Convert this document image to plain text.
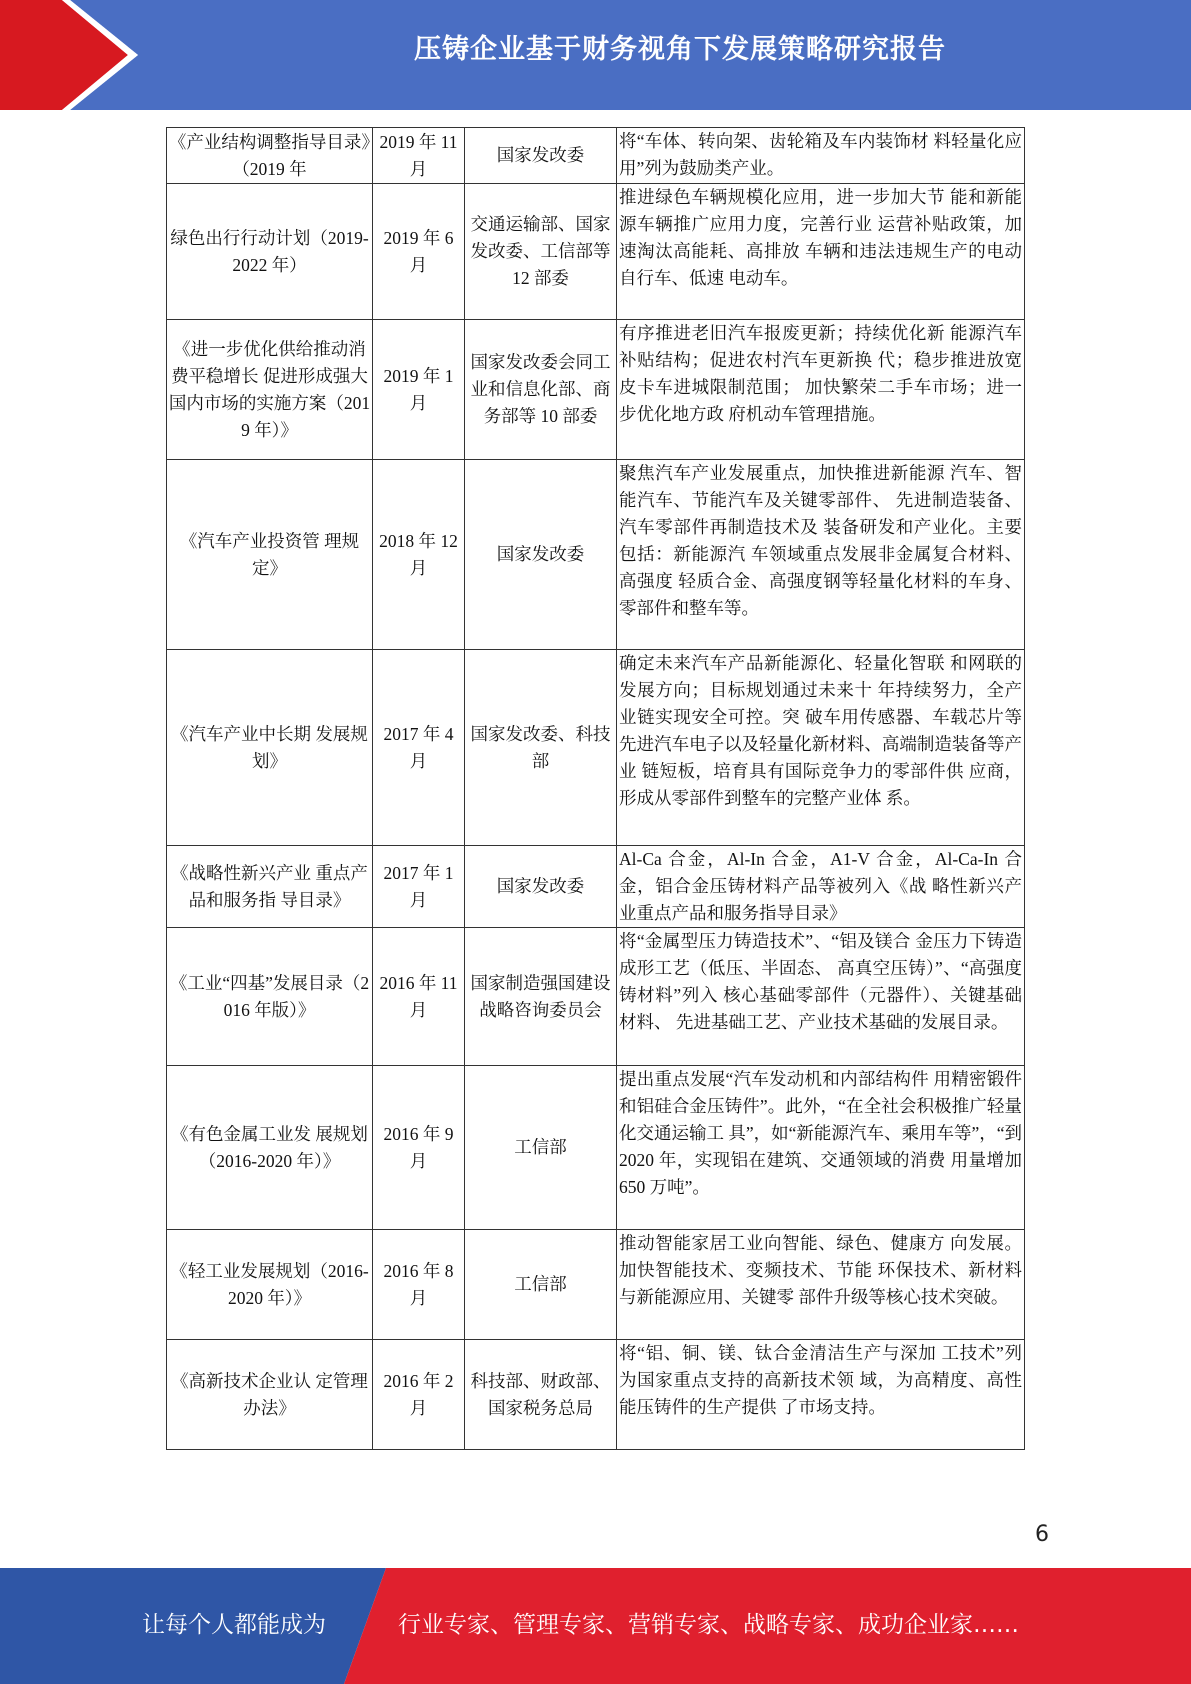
压铸企业基于财务视角下发展策略研究报告
《产业结构调整指导目录》（2019 年	2019 年 11 月	国家发改委	将“车体、转向架、齿轮箱及车内装饰材 料轻量化应用”列为鼓励类产业。
绿色出行行动计划（2019-2022 年）	2019 年 6 月	交通运输部、国家发改委、工信部等 12 部委	推进绿色车辆规模化应用，进一步加大节 能和新能源车辆推广应用力度，完善行业 运营补贴政策，加速淘汰高能耗、高排放 车辆和违法违规生产的电动自行车、低速 电动车。
《进一步优化供给推动消费平稳增长 促进形成强大国内市场的实施方案（2019 年）》	2019 年 1 月	国家发改委会同工业和信息化部、商务部等 10 部委	有序推进老旧汽车报废更新；持续优化新 能源汽车补贴结构；促进农村汽车更新换 代；稳步推进放宽皮卡车进城限制范围； 加快繁荣二手车市场；进一步优化地方政 府机动车管理措施。
《汽车产业投资管 理规定》	2018 年 12 月	国家发改委	聚焦汽车产业发展重点，加快推进新能源 汽车、智能汽车、节能汽车及关键零部件、 先进制造装备、汽车零部件再制造技术及 装备研发和产业化。主要包括：新能源汽 车领域重点发展非金属复合材料、高强度 轻质合金、高强度钢等轻量化材料的车身、 零部件和整车等。
《汽车产业中长期 发展规划》	2017 年 4 月	国家发改委、科技部	确定未来汽车产品新能源化、轻量化智联 和网联的发展方向；目标规划通过未来十 年持续努力，全产业链实现安全可控。突 破车用传感器、车载芯片等先进汽车电子以及轻量化新材料、高端制造装备等产业 链短板，培育具有国际竞争力的零部件供 应商，形成从零部件到整车的完整产业体 系。
《战略性新兴产业 重点产品和服务指 导目录》	2017 年 1 月	国家发改委	Al-Ca 合金，Al-In 合金，A1-V 合金，Al-Ca-In 合金，铝合金压铸材料产品等被列入《战 略性新兴产业重点产品和服务指导目录》
《工业“四基”发展目录（2016 年版）》	2016 年 11 月	国家制造强国建设战略咨询委员会	将“金属型压力铸造技术”、“铝及镁合 金压力下铸造成形工艺（低压、半固态、 高真空压铸）”、“高强度铸材料”列入 核心基础零部件（元器件）、关键基础材料、 先进基础工艺、产业技术基础的发展目录。
《有色金属工业发 展规划（2016-2020 年）》	2016 年 9 月	工信部	提出重点发展“汽车发动机和内部结构件 用精密锻件和铝硅合金压铸件”。此外，“在全社会积极推广轻量化交通运输工 具”，如“新能源汽车、乘用车等”，“到 2020 年，实现铝在建筑、交通领域的消费 用量增加 650 万吨”。
《轻工业发展规划（2016-2020 年）》	2016 年 8 月	工信部	推动智能家居工业向智能、绿色、健康方 向发展。加快智能技术、变频技术、节能 环保技术、新材料与新能源应用、关键零 部件升级等核心技术突破。
《高新技术企业认 定管理办法》	2016 年 2 月	科技部、财政部、国家税务总局	将“铝、铜、镁、钛合金清洁生产与深加 工技术”列为国家重点支持的高新技术领 域，为高精度、高性能压铸件的生产提供 了市场支持。
6
让每个人都能成为	行业专家、管理专家、营销专家、战略专家、成功企业家……
